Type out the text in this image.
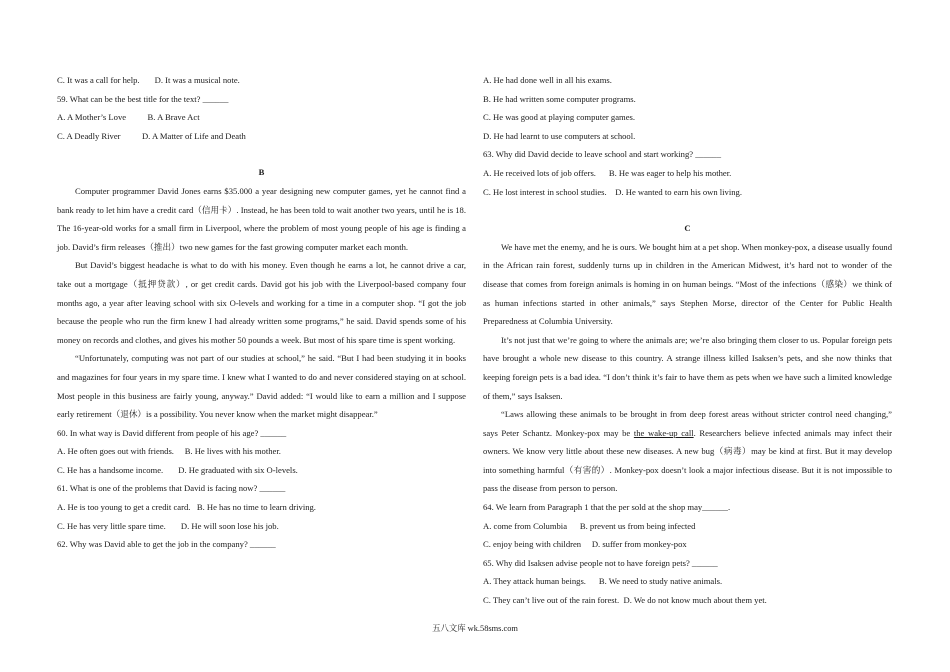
C. It was a call for help.       D. It was a musical note.
59. What can be the best title for the text? ______
A. A Mother’s Love          B. A Brave Act
C. A Deadly River          D. A Matter of Life and Death
B

Computer programmer David Jones earns $35.000 a year designing new computer games, yet he cannot find a bank ready to let him have a credit card（信用卡）. Instead, he has been told to wait another two years, until he is 18. The 16-year-old works for a small firm in Liverpool, where the problem of most young people of his age is finding a job. David’s firm releases（推出）two new games for the fast growing computer market each month.

But David’s biggest headache is what to do with his money. Even though he earns a lot, he cannot drive a car, take out a mortgage（抵押贷款）, or get credit cards. David got his job with the Liverpool-based company four months ago, a year after leaving school with six O-levels and working for a time in a computer shop. “I got the job because the people who run the firm knew I had already written some programs,” he said. David spends some of his money on records and clothes, and gives his mother 50 pounds a week. But most of his spare time is spent working.

“Unfortunately, computing was not part of our studies at school,” he said. “But I had been studying it in books and magazines for four years in my spare time. I knew what I wanted to do and never considered staying on at school. Most people in this business are fairly young, anyway.” David added: “I would like to earn a million and I suppose early retirement（退休）is a possibility. You never know when the market might disappear.”

60. In what way is David different from people of his age? ______
A. He often goes out with friends.     B. He lives with his mother.
C. He has a handsome income.       D. He graduated with six O-levels.
61. What is one of the problems that David is facing now? ______
A. He is too young to get a credit card.   B. He has no time to learn driving.
C. He has very little spare time.       D. He will soon lose his job.
62. Why was David able to get the job in the company? ______
A. He had done well in all his exams.
B. He had written some computer programs.
C. He was good at playing computer games.
D. He had learnt to use computers at school.
63. Why did David decide to leave school and start working? ______
A. He received lots of job offers.      B. He was eager to help his mother.
C. He lost interest in school studies.    D. He wanted to earn his own living.
C

We have met the enemy, and he is ours. We bought him at a pet shop. When monkey-pox, a disease usually found in the African rain forest, suddenly turns up in children in the American Midwest, it’s hard not to wonder of the disease that comes from foreign animals is homing in on human beings. “Most of the infections（感染）we think of as human infections started in other animals,” says Stephen Morse, director of the Center for Public Health Preparedness at Columbia University.

It’s not just that we’re going to where the animals are; we’re also bringing them closer to us. Popular foreign pets have brought a whole new disease to this country. A strange illness killed Isaksen’s pets, and she now thinks that keeping foreign pets is a bad idea. “I don’t think it’s fair to have them as pets when we have such a limited knowledge of them,” says Isaksen.

“Laws allowing these animals to be brought in from deep forest areas without stricter control need changing,” says Peter Schantz. Monkey-pox may be the wake-up call. Researchers believe infected animals may infect their owners. We know very little about these new diseases. A new bug（病毒）may be kind at first. But it may develop into something harmful（有害的）. Monkey-pox doesn’t look a major infectious disease. But it is not impossible to pass the disease from person to person.

64. We learn from Paragraph 1 that the per sold at the shop may______.
A. come from Columbia      B. prevent us from being infected
C. enjoy being with children     D. suffer from monkey-pox
65. Why did Isaksen advise people not to have foreign pets? ______
A. They attack human beings.      B. We need to study native animals.
C. They can’t live out of the rain forest.  D. We do not know much about them yet.
五八文库 wk.58sms.com
